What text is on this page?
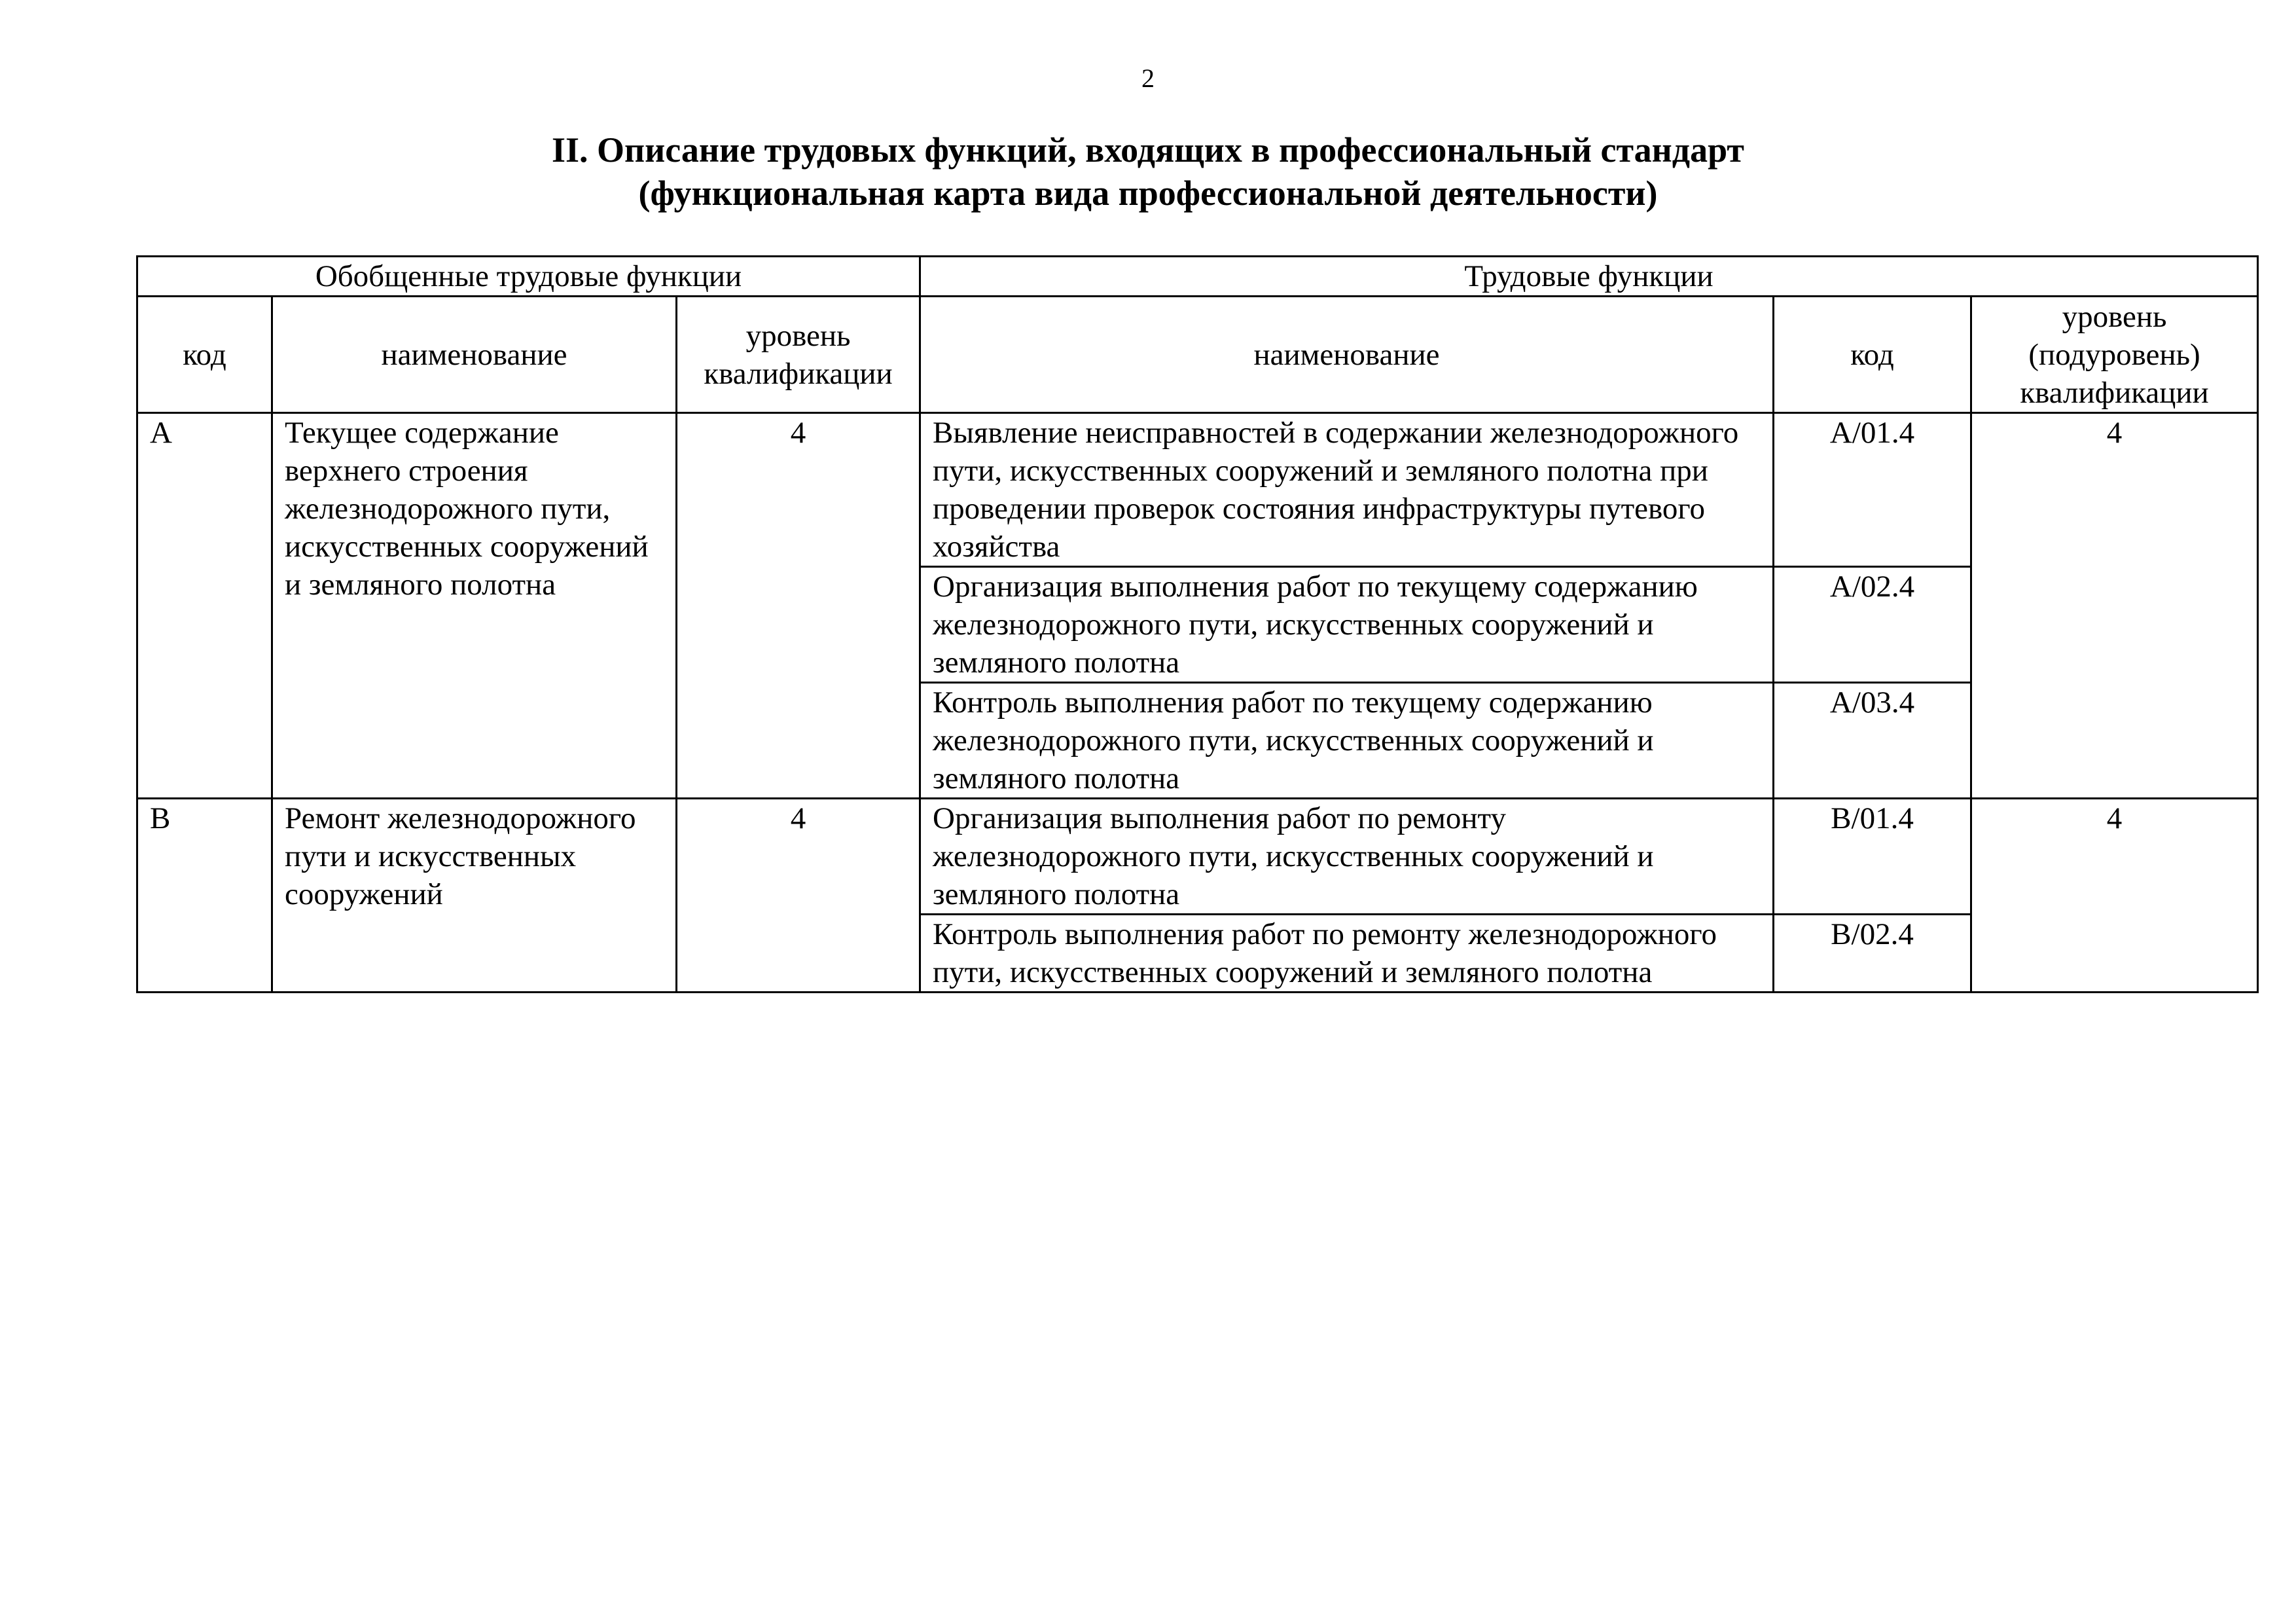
2
II. Описание трудовых функций, входящих в профессиональный стандарт
(функциональная карта вида профессиональной деятельности)
Обобщенные трудовые функции			Трудовые функции		
код	наименование	уровень квалификации	наименование	код	уровень (подуровень) квалификации
А	Текущее содержание верхнего строения железнодорожного пути, искусственных сооружений и земляного полотна	4	Выявление неисправностей в содержании железнодорожного пути, искусственных сооружений и земляного полотна при проведении проверок состояния инфраструктуры путевого хозяйства	А/01.4	4
			Организация выполнения работ по текущему содержанию железнодорожного пути, искусственных сооружений и земляного полотна	А/02.4	
			Контроль выполнения работ по текущему содержанию железнодорожного пути, искусственных сооружений и земляного полотна	А/03.4	
В	Ремонт железнодорожного пути и искусственных сооружений	4	Организация выполнения работ по ремонту железнодорожного пути, искусственных сооружений и земляного полотна	В/01.4	4
			Контроль выполнения работ по ремонту железнодорожного пути, искусственных сооружений и земляного полотна	В/02.4	
